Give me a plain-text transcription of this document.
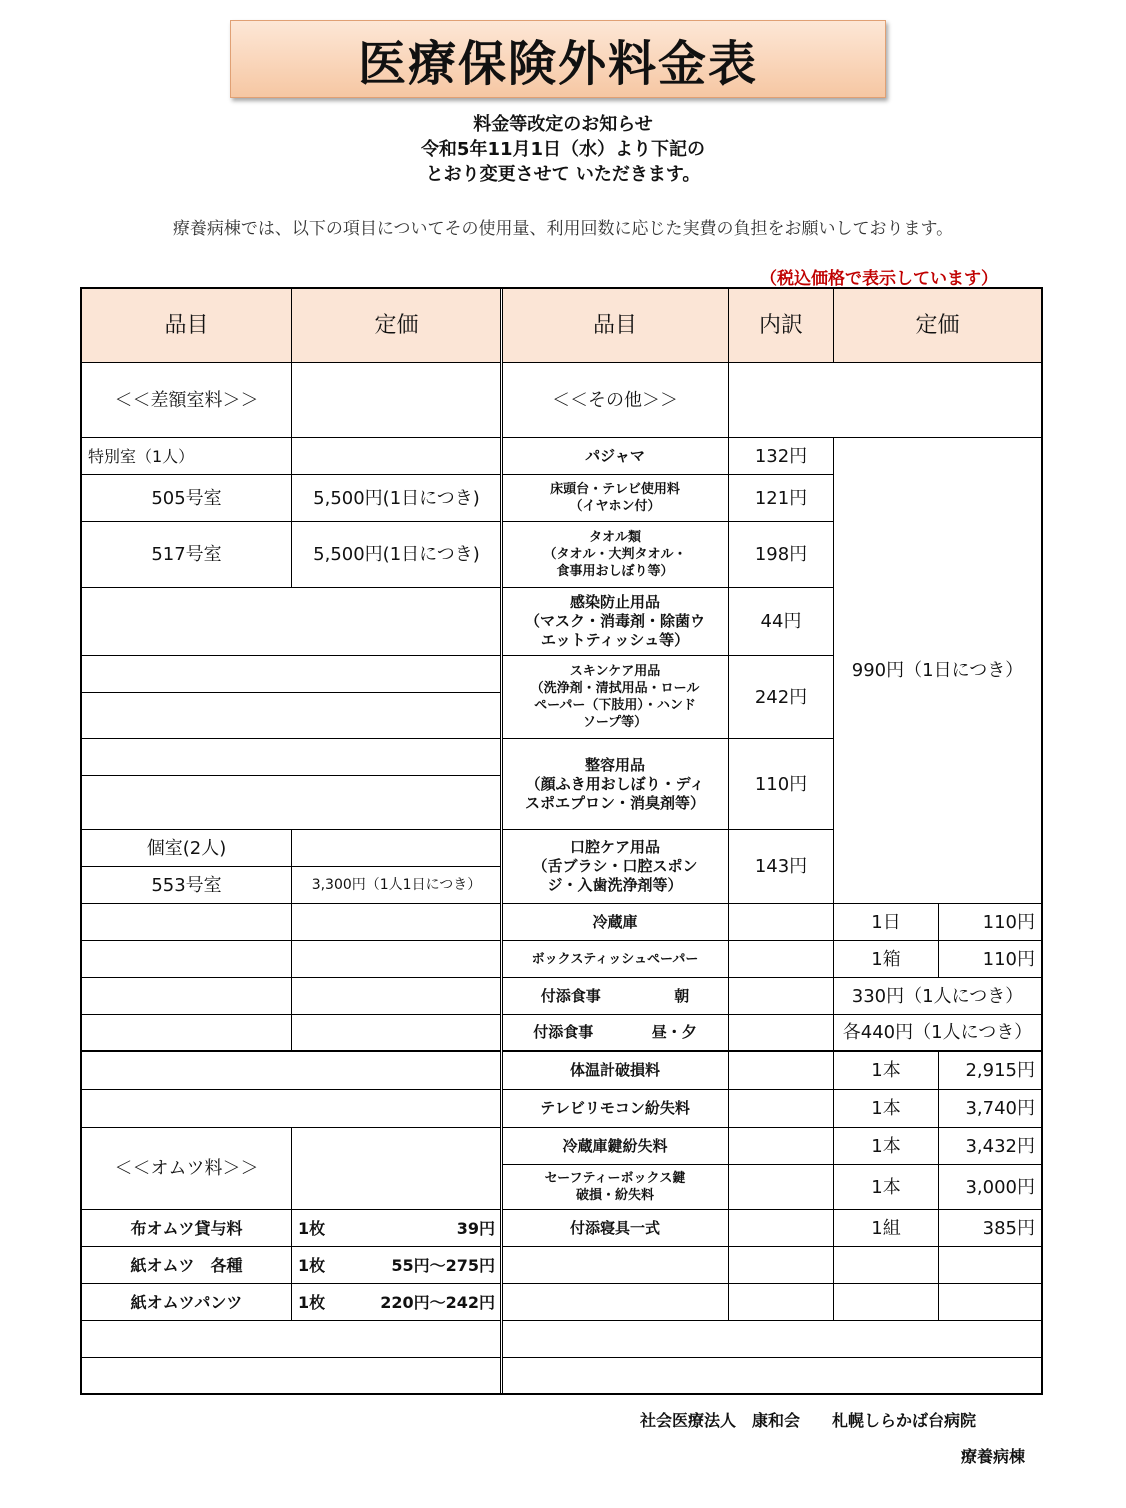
医療保険外料金表
料金等改定のお知らせ
令和5年11月1日（水）より下記の
とおり変更させて いただきます。
療養病棟では、以下の項目についてその使用量、利用回数に応じた実費の負担をお願いしております。
（税込価格で表示しています）
品目	定価	品目	内訳	定価
＜＜差額室料＞＞
特別室（1人）
505号室	5,500円(1日につき)
517号室	5,500円(1日につき)
個室(2人)
553号室	3,300円（1人1日につき）
＜＜オムツ料＞＞
布オムツ貸与料	1枚	39円
紙オムツ　各種	1枚	55円～275円
紙オムツパンツ	1枚	220円～242円
＜＜その他＞＞
パジャマ	132円
床頭台・テレビ使用料
（イヤホン付）	121円
タオル類
（タオル・大判タオル・
食事用おしぼり等）
198円
感染防止用品
（マスク・消毒剤・除菌ウ
エットティッシュ等）
44円
スキンケア用品
（洗浄剤・清拭用品・ロール
ペーパー（下肢用）・ハンド
ソープ等）
242円
整容用品
（顔ふき用おしぼり・ディ
スポエプロン・消臭剤等）
110円
口腔ケア用品
（舌ブラシ・口腔スポン
ジ・入歯洗浄剤等）
143円
990円（1日につき）
冷蔵庫	1日	110円
ボックスティッシュペーパー	1箱	110円
付添食事	朝	330円（1人につき）
付添食事	昼・夕	各440円（1人につき）
体温計破損料	1本	2,915円
テレビリモコン紛失料	1本	3,740円
冷蔵庫鍵紛失料	1本	3,432円
セーフティーボックス鍵
破損・紛失料	1本	3,000円
付添寝具一式	1組	385円
社会医療法人　康和会　　札幌しらかば台病院
療養病棟
